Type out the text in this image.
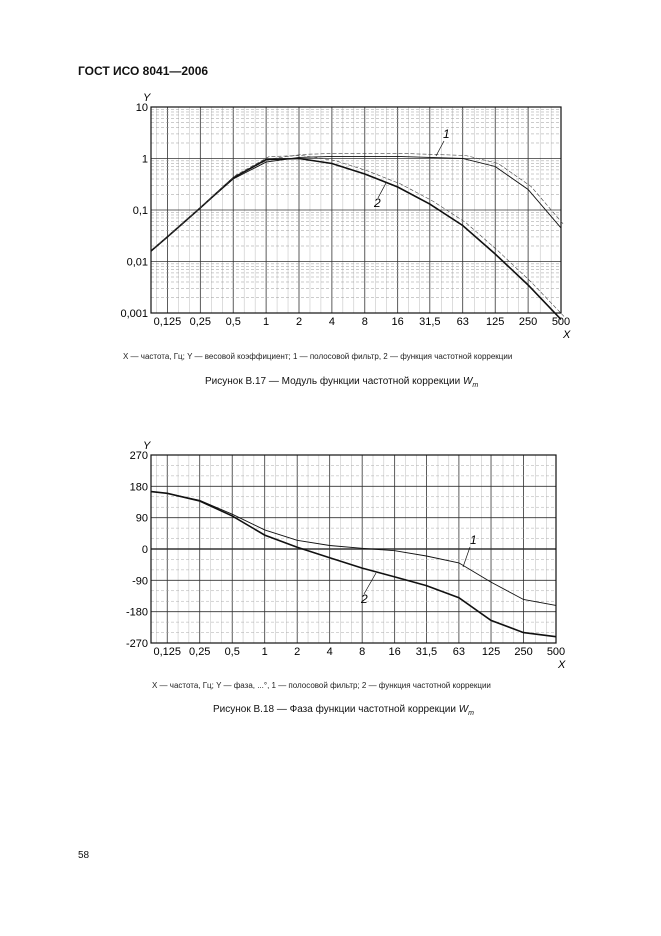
ГОСТ ИСО 8041—2006
0,125 0,25 0,5 1 2 4 8 16 31,5 63 125 250 500
0,001
0,01
0,1
1
10
Y
X
1
2
X — частота, Гц; Y — весовой коэффициент; 1 — полосовой фильтр, 2 — функция частотной коррекции
Рисунок В.17 — Модуль функции частотной коррекции $W_m$
0,125 0,25 0,5 1 2 4 8 16 31,5 63 125 250 500
270
180
90
0
-90
-180
-270
Y
X
1
2
X — частота, Гц; Y — фаза, ...°, 1 — полосовой фильтр; 2 — функция частотной коррекции
Рисунок В.18 — Фаза функции частотной коррекции $W_m$
58
